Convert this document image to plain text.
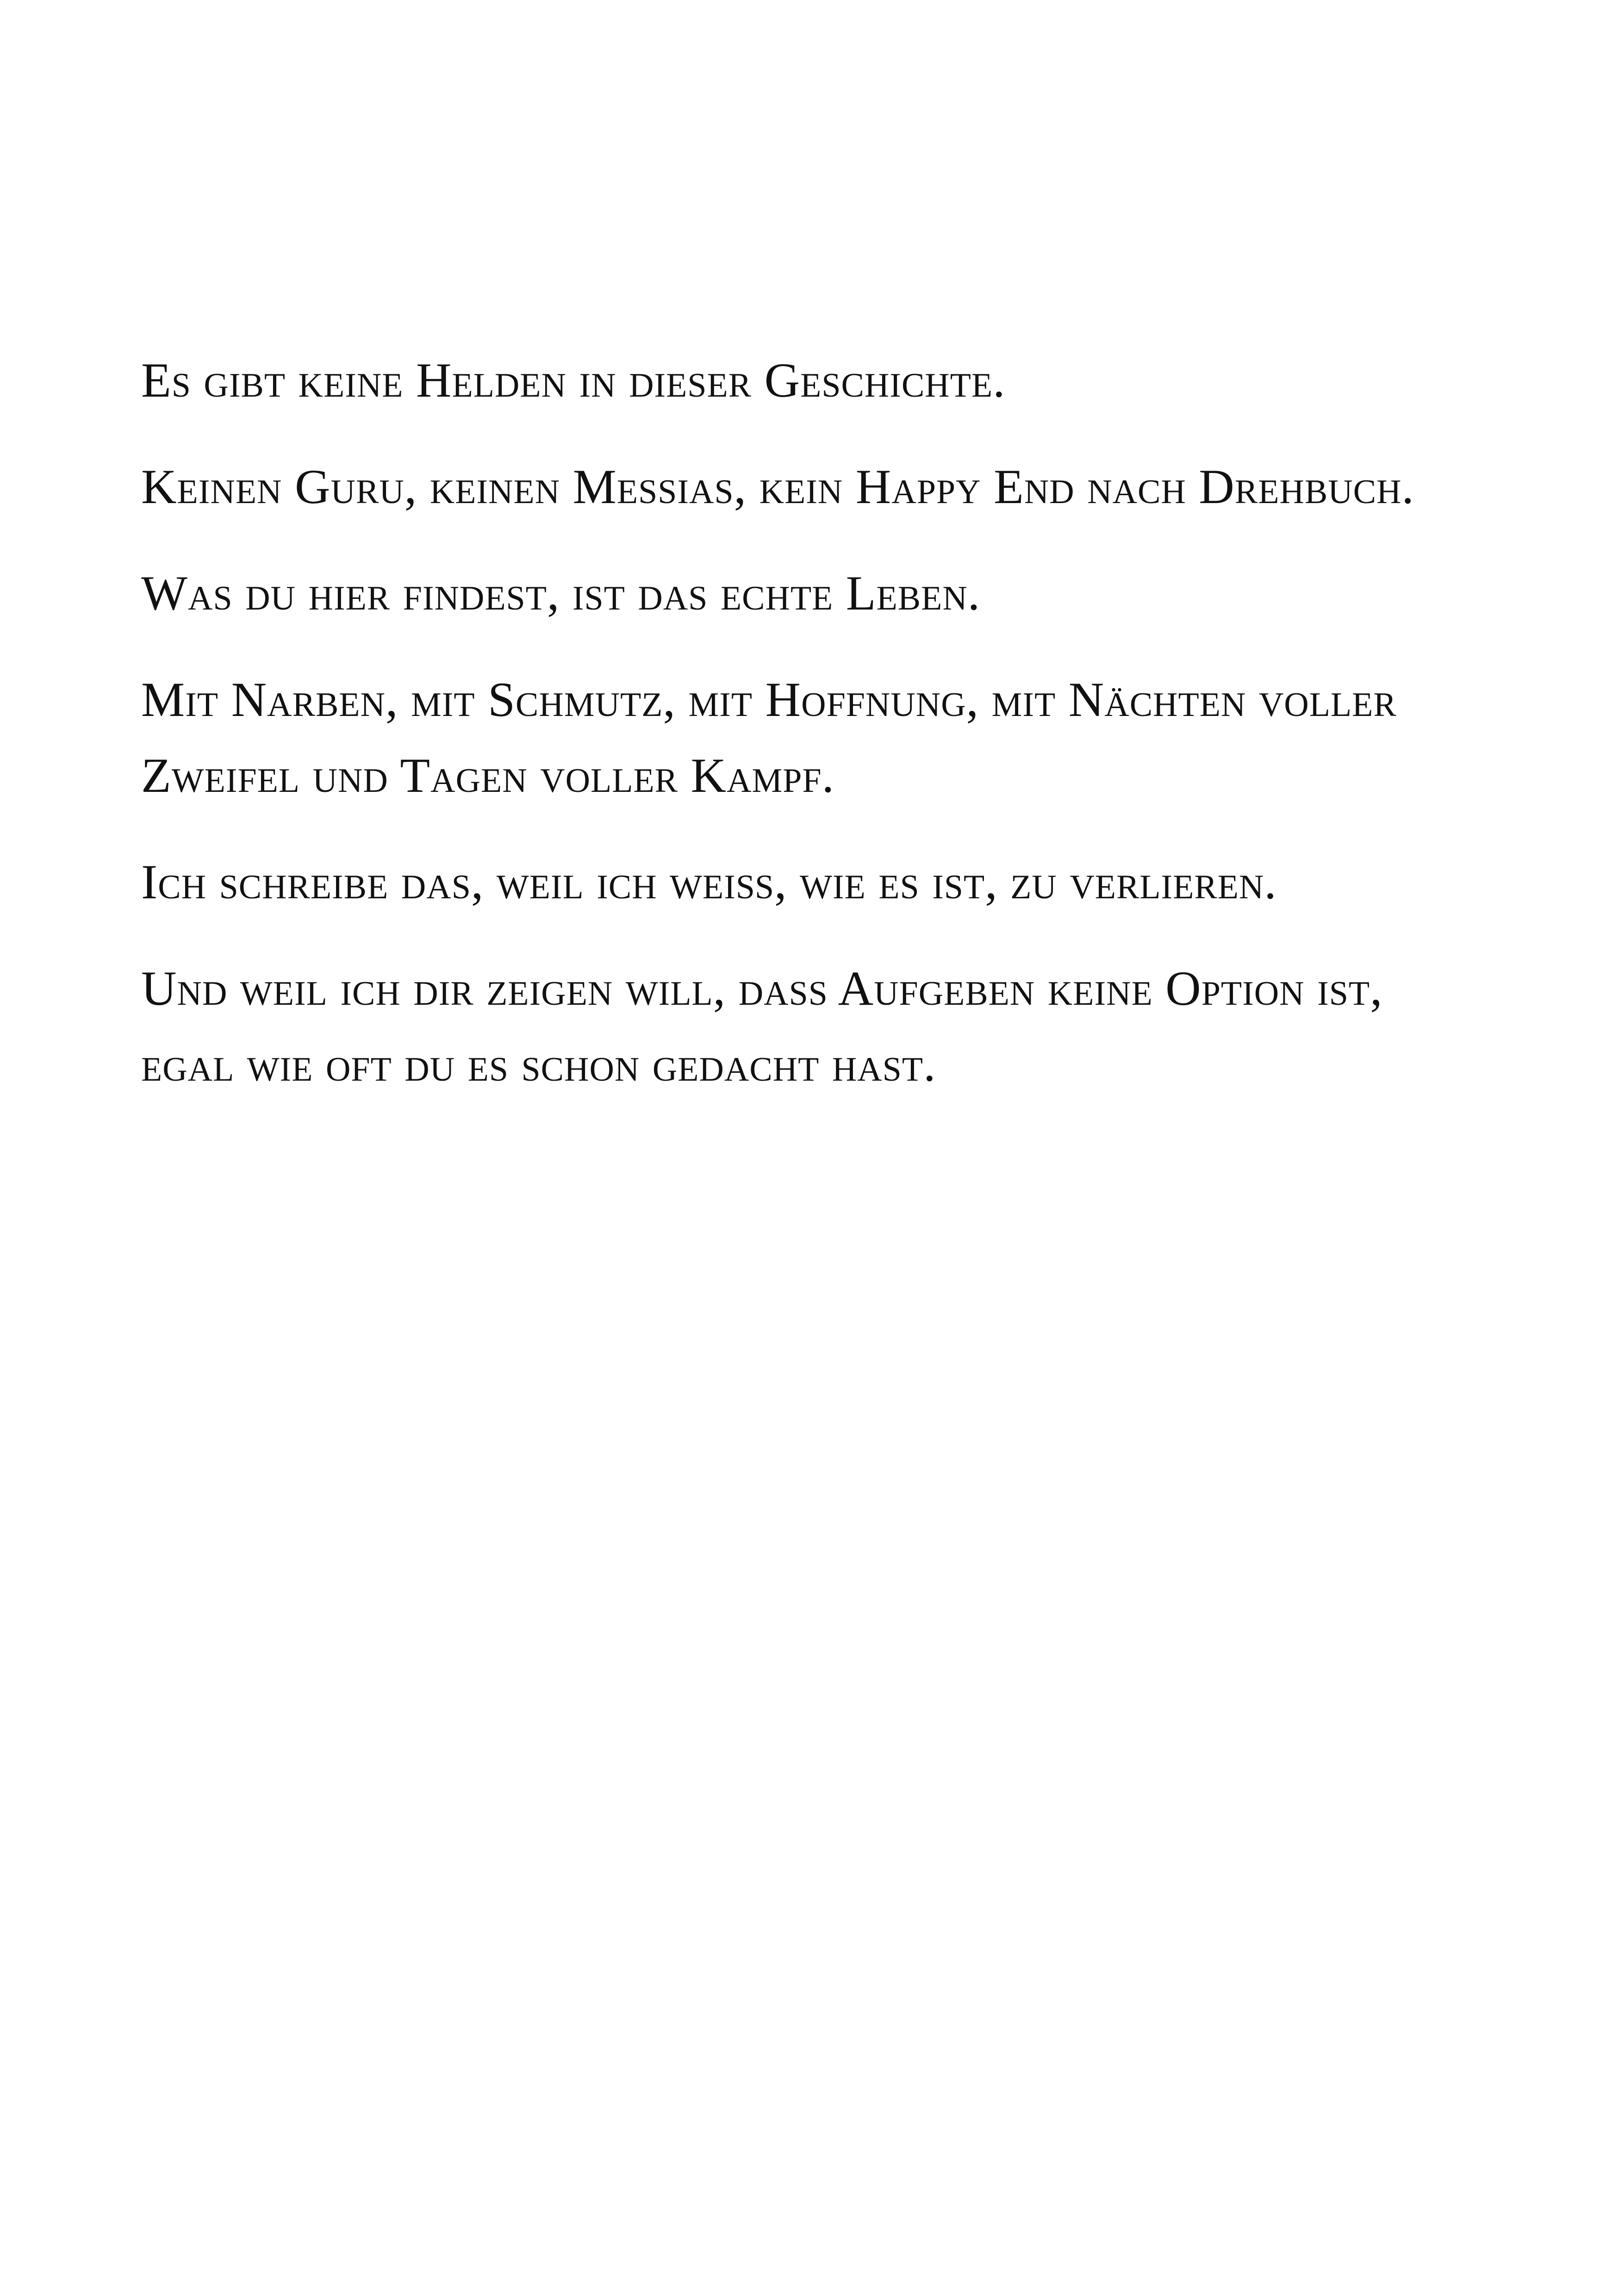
Es gibt keine Helden in dieser Geschichte.

Keinen Guru, keinen Messias, kein Happy End nach Drehbuch.

Was du hier findest, ist das echte Leben.

Mit Narben, mit Schmutz, mit Hoffnung, mit Nächten voller Zweifel und Tagen voller Kampf.

Ich schreibe das, weil ich weiß, wie es ist, zu verlieren.

Und weil ich dir zeigen will, dass Aufgeben keine Option ist, egal wie oft du es schon gedacht hast.
